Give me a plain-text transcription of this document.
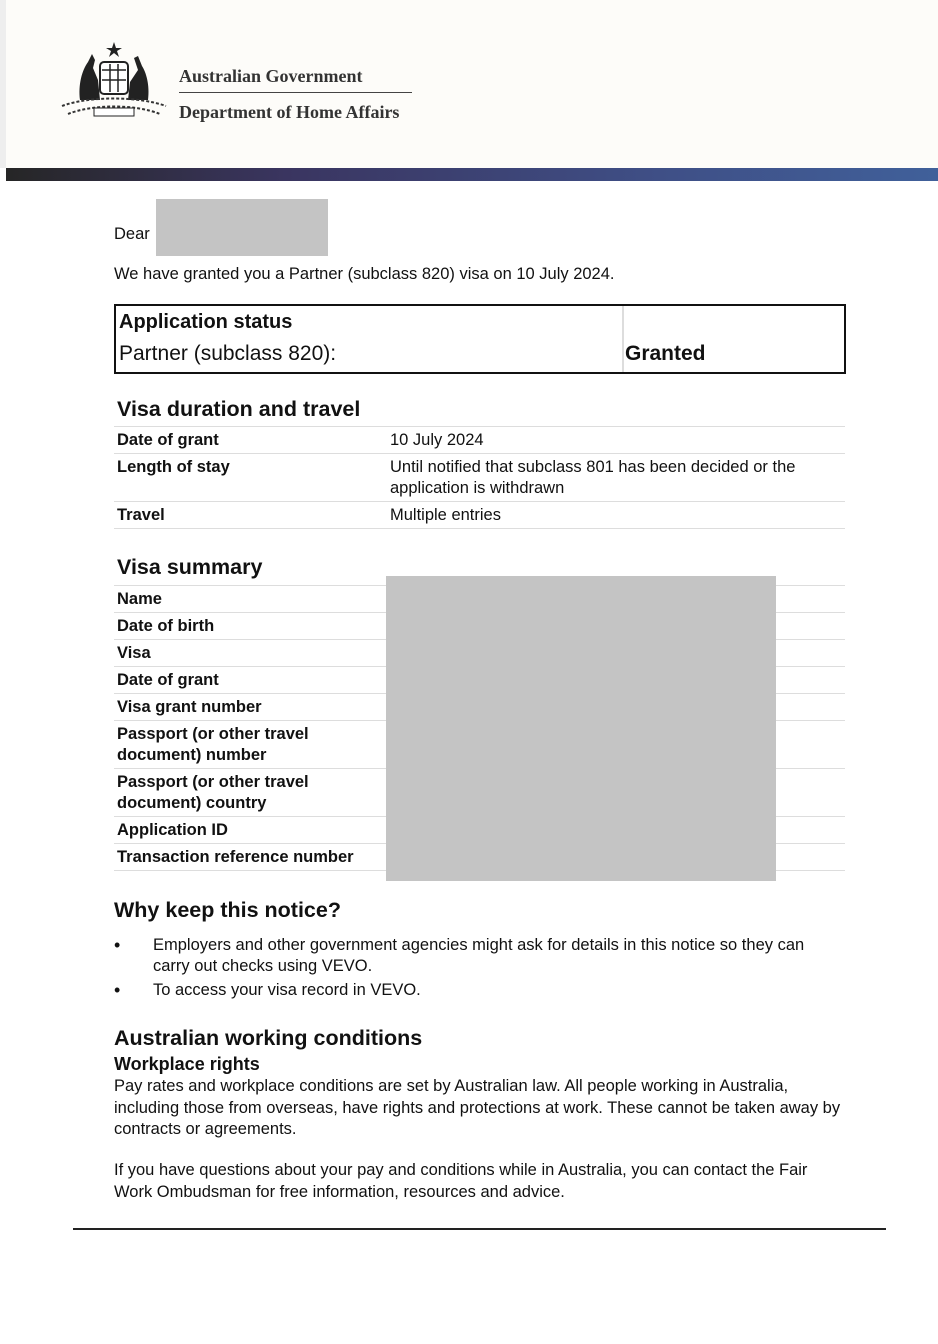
Australian Government
Department of Home Affairs
Dear
We have granted you a Partner (subclass 820) visa on 10 July 2024.
Application status
Partner (subclass 820):	Granted
Visa duration and travel
Date of grant	10 July 2024
Length of stay	Until notified that subclass 801 has been decided or the application is withdrawn
Travel	Multiple entries
Visa summary
Name
Date of birth
Visa
Date of grant
Visa grant number
Passport (or other travel document) number
Passport (or other travel document) country
Application ID
Transaction reference number
Why keep this notice?
•	Employers and other government agencies might ask for details in this notice so they can carry out checks using VEVO.
•	To access your visa record in VEVO.
Australian working conditions
Workplace rights

Pay rates and workplace conditions are set by Australian law. All people working in Australia, including those from overseas, have rights and protections at work. These cannot be taken away by contracts or agreements.

If you have questions about your pay and conditions while in Australia, you can contact the Fair Work Ombudsman for free information, resources and advice.
